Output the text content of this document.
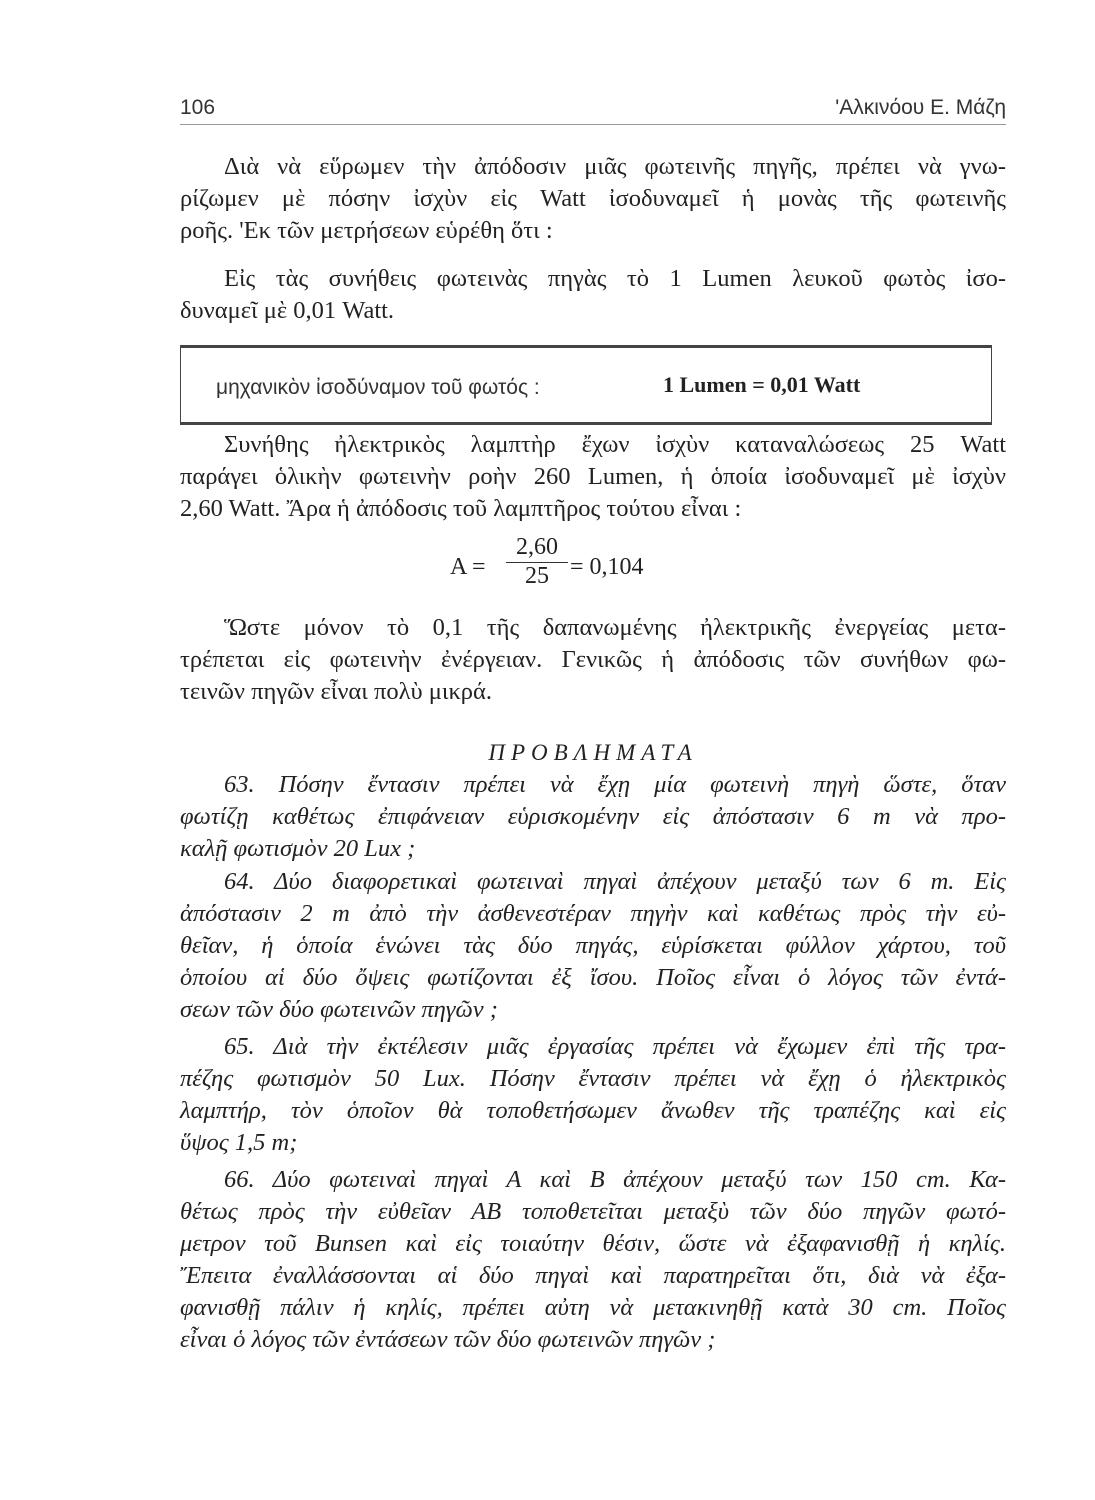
106	'Αλκινόου Ε. Μάζη
Διὰ νὰ εὕρωμεν τὴν ἀπόδοσιν μιᾶς φωτεινῆς πηγῆς, πρέπει νὰ γνω-
ρίζωμεν μὲ πόσην ἰσχὺν εἰς Watt ἰσοδυναμεῖ ἡ μονὰς τῆς φωτεινῆς
ροῆς. 'Εκ τῶν μετρήσεων εὑρέθη ὅτι :
Εἰς τὰς συνήθεις φωτεινὰς πηγὰς τὸ 1 Lumen λευκοῦ φωτὸς ἰσο-
δυναμεῖ μὲ 0,01 Watt.
μηχανικὸν ἰσοδύναμον τοῦ φωτός :	1 Lumen = 0,01 Watt
Συνήθης ἠλεκτρικὸς λαμπτὴρ ἔχων ἰσχὺν καταναλώσεως 25 Watt
παράγει ὁλικὴν φωτεινὴν ροὴν 260 Lumen, ἡ ὁποία ἰσοδυναμεῖ μὲ ἰσχὺν
2,60 Watt. Ἄρα ἡ ἀπόδοσις τοῦ λαμπτῆρος τούτου εἶναι :
$A = \frac{2,60}{25} = 0,104$
Ὥστε μόνον τὸ 0,1 τῆς δαπανωμένης ἠλεκτρικῆς ἐνεργείας μετα-
τρέπεται εἰς φωτεινὴν ἐνέργειαν. Γενικῶς ἡ ἀπόδοσις τῶν συνήθων φω-
τεινῶν πηγῶν εἶναι πολὺ μικρά.
ΠΡΟΒΛΗΜΑΤΑ
63. Πόσην ἔντασιν πρέπει νὰ ἔχῃ μία φωτεινὴ πηγὴ ὥστε, ὅταν
φωτίζῃ καθέτως ἐπιφάνειαν εὑρισκομένην εἰς ἀπόστασιν 6 m νὰ προ-
καλῇ φωτισμὸν 20 Lux ;
64. Δύο διαφορετικαὶ φωτειναὶ πηγαὶ ἀπέχουν μεταξύ των 6 m. Εἰς
ἀπόστασιν 2 m ἀπὸ τὴν ἀσθενεστέραν πηγὴν καὶ καθέτως πρὸς τὴν εὐ-
θεῖαν, ἡ ὁποία ἑνώνει τὰς δύο πηγάς, εὑρίσκεται φύλλον χάρτου, τοῦ
ὁποίου αἱ δύο ὄψεις φωτίζονται ἐξ ἴσου. Ποῖος εἶναι ὁ λόγος τῶν ἐντά-
σεων τῶν δύο φωτεινῶν πηγῶν ;
65. Διὰ τὴν ἐκτέλεσιν μιᾶς ἐργασίας πρέπει νὰ ἔχωμεν ἐπὶ τῆς τρα-
πέζης φωτισμὸν 50 Lux. Πόσην ἔντασιν πρέπει νὰ ἔχῃ ὁ ἠλεκτρικὸς
λαμπτήρ, τὸν ὁποῖον θὰ τοποθετήσωμεν ἄνωθεν τῆς τραπέζης καὶ εἰς
ὕψος 1,5 m;
66. Δύο φωτειναὶ πηγαὶ Α καὶ Β ἀπέχουν μεταξύ των 150 cm. Κα-
θέτως πρὸς τὴν εὐθεῖαν ΑΒ τοποθετεῖται μεταξὺ τῶν δύο πηγῶν φωτό-
μετρον τοῦ Bunsen καὶ εἰς τοιαύτην θέσιν, ὥστε νὰ ἐξαφανισθῇ ἡ κηλίς.
Ἔπειτα ἐναλλάσσονται αἱ δύο πηγαὶ καὶ παρατηρεῖται ὅτι, διὰ νὰ ἐξα-
φανισθῇ πάλιν ἡ κηλίς, πρέπει αὐτη νὰ μετακινηθῇ κατὰ 30 cm. Ποῖος
εἶναι ὁ λόγος τῶν ἐντάσεων τῶν δύο φωτεινῶν πηγῶν ;
